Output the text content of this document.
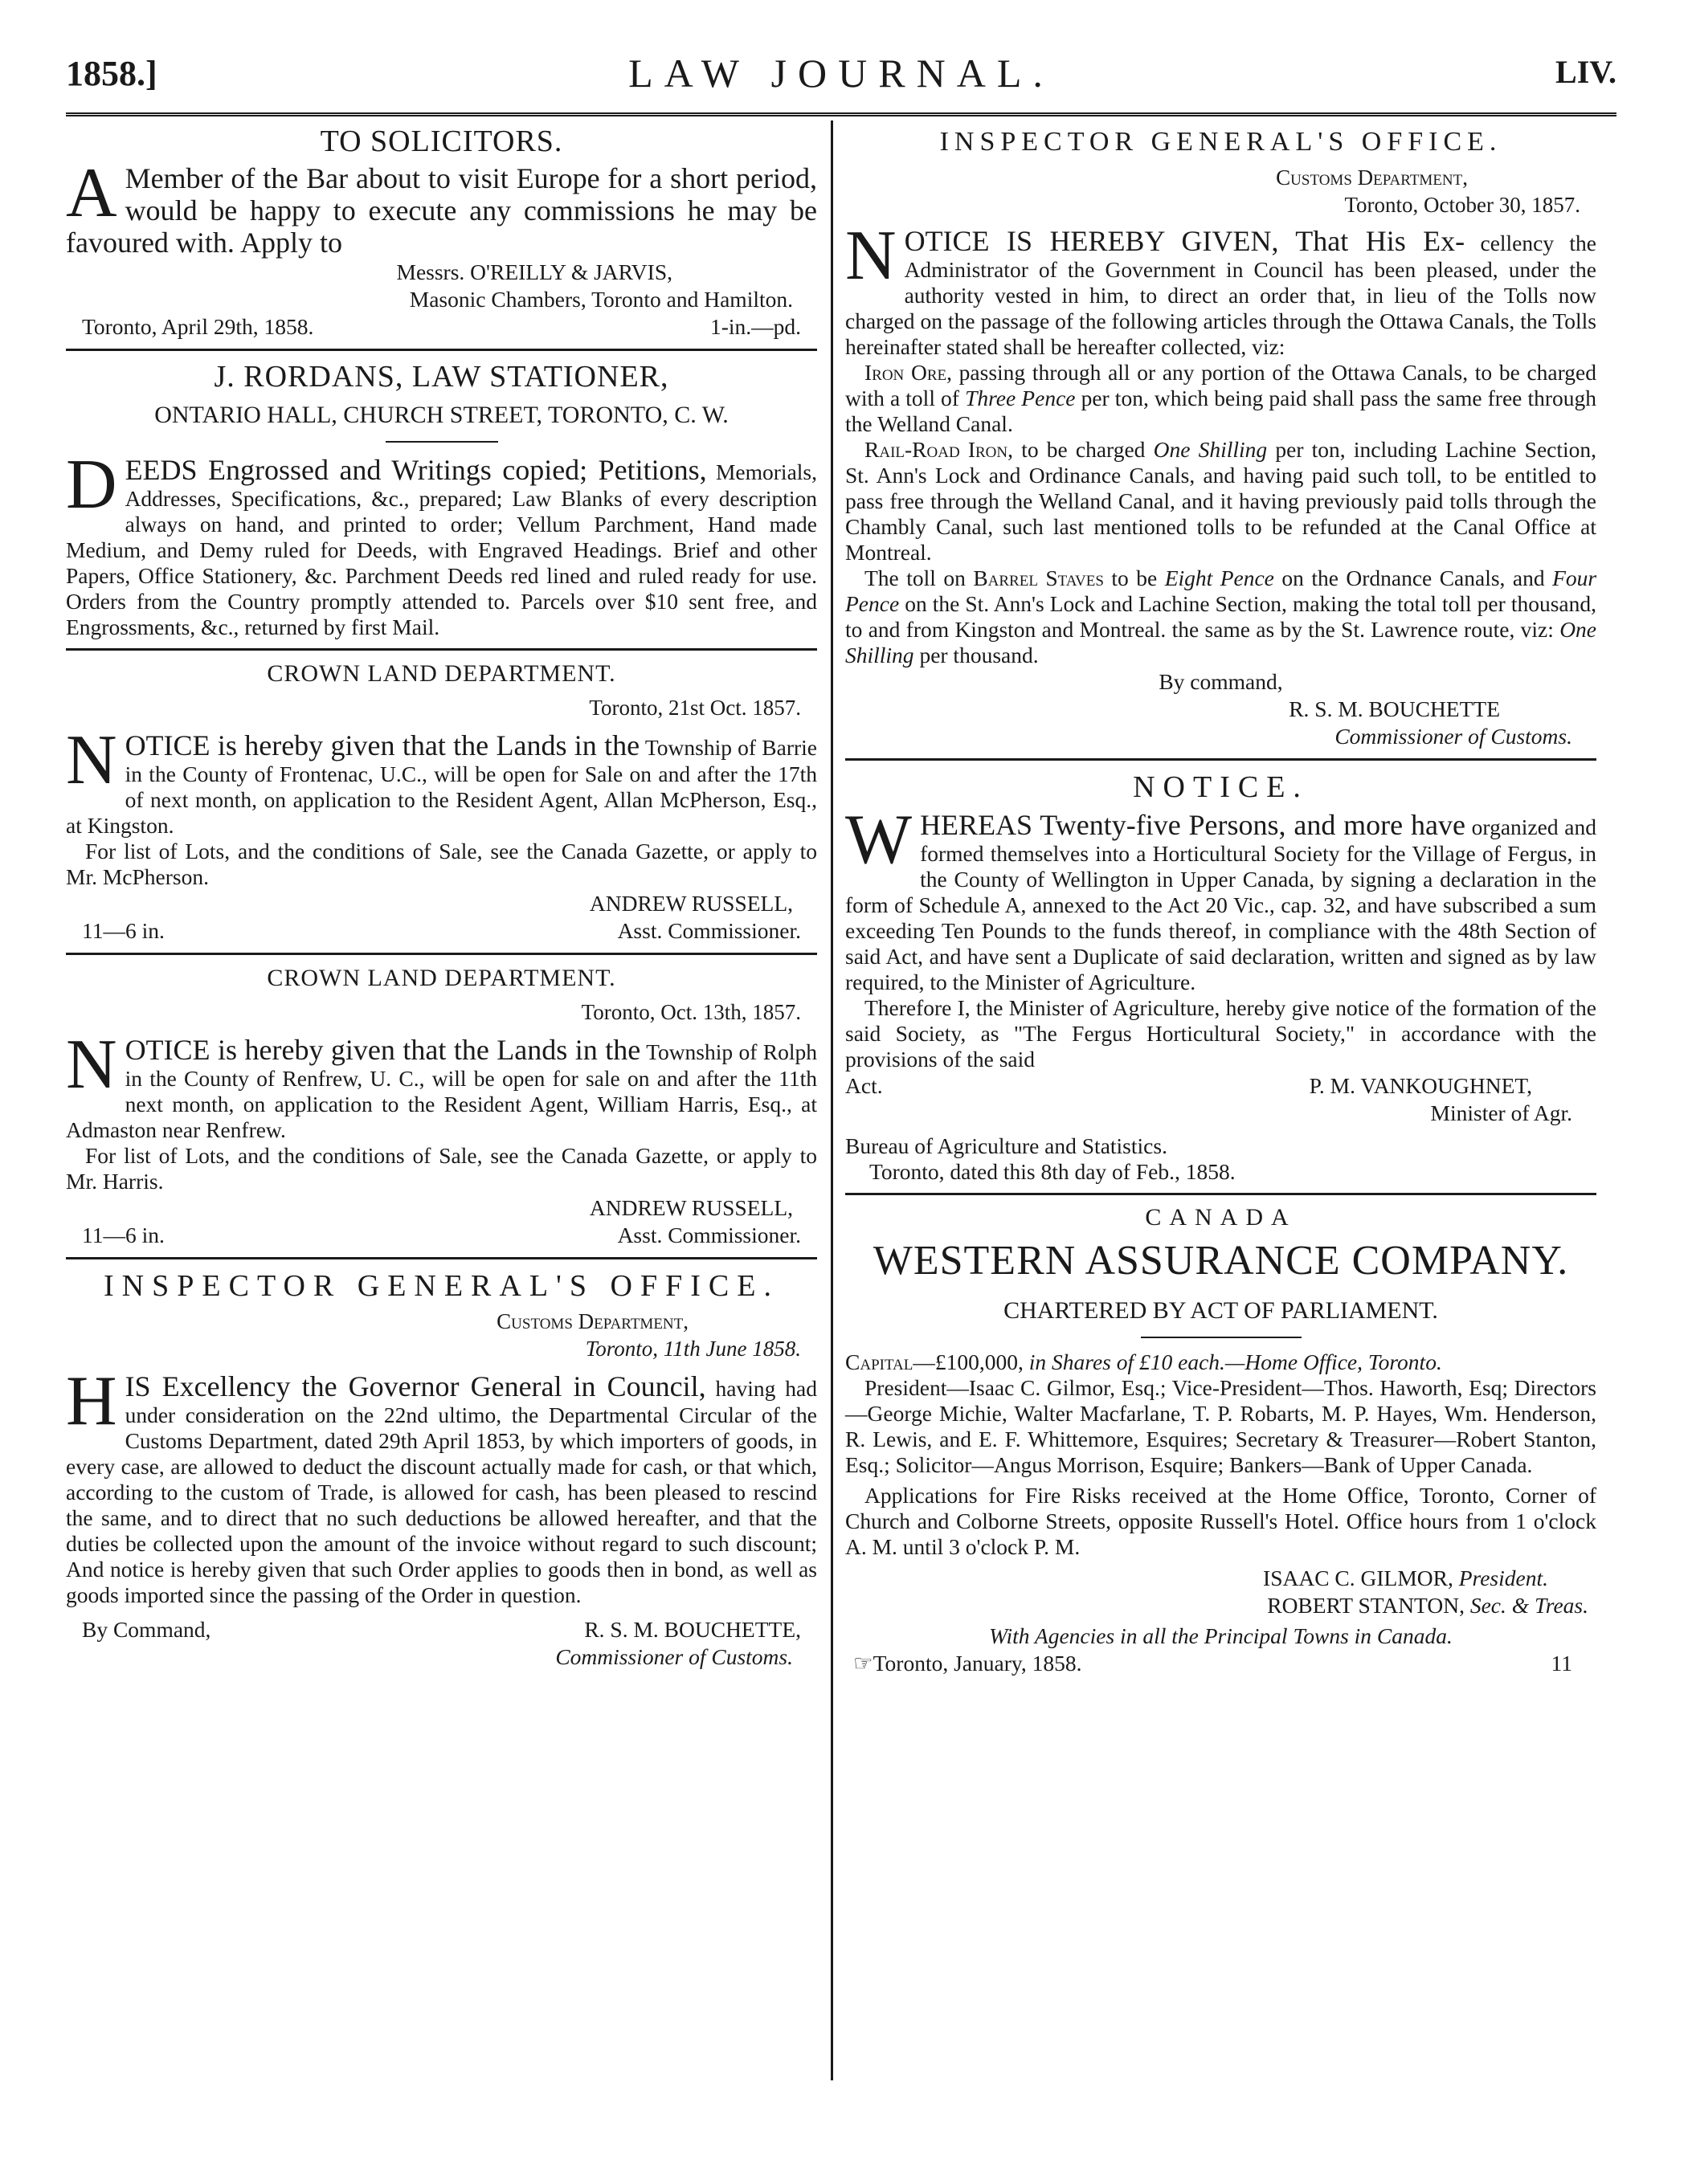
1858.]	LAW JOURNAL.	LIV.
TO SOLICITORS.
A Member of the Bar about to visit Europe for a short period, would be happy to execute any commissions he may be favoured with. Apply to
Messrs. O'REILLY & JARVIS,
Masonic Chambers, Toronto and Hamilton.
Toronto, April 29th, 1858.	1-in.—pd.
J. RORDANS, LAW STATIONER,
ONTARIO HALL, CHURCH STREET, TORONTO, C. W.
DEEDS Engrossed and Writings copied; Petitions, Memorials, Addresses, Specifications, &c., prepared; Law Blanks of every description always on hand, and printed to order; Vellum Parchment, Hand made Medium, and Demy ruled for Deeds, with Engraved Headings. Brief and other Papers, Office Stationery, &c. Parchment Deeds red lined and ruled ready for use. Orders from the Country promptly attended to. Parcels over $10 sent free, and Engrossments, &c., returned by first Mail.
CROWN LAND DEPARTMENT.
Toronto, 21st Oct. 1857.
NOTICE is hereby given that the Lands in the Township of Barrie in the County of Frontenac, U.C., will be open for Sale on and after the 17th of next month, on application to the Resident Agent, Allan McPherson, Esq., at Kingston.

For list of Lots, and the conditions of Sale, see the Canada Gazette, or apply to Mr. McPherson.

ANDREW RUSSELL,
11—6 in.	Asst. Commissioner.
CROWN LAND DEPARTMENT.
Toronto, Oct. 13th, 1857.
NOTICE is hereby given that the Lands in the Township of Rolph in the County of Renfrew, U. C., will be open for sale on and after the 11th next month, on application to the Resident Agent, William Harris, Esq., at Admaston near Renfrew.

For list of Lots, and the conditions of Sale, see the Canada Gazette, or apply to Mr. Harris.

ANDREW RUSSELL,
11—6 in.	Asst. Commissioner.
INSPECTOR GENERAL'S OFFICE.
Customs Department,
Toronto, 11th June 1858.
HIS Excellency the Governor General in Council, having had under consideration on the 22nd ultimo, the Departmental Circular of the Customs Department, dated 29th April 1853, by which importers of goods, in every case, are allowed to deduct the discount actually made for cash, or that which, according to the custom of Trade, is allowed for cash, has been pleased to rescind the same, and to direct that no such deductions be allowed hereafter, and that the duties be collected upon the amount of the invoice without regard to such discount; And notice is hereby given that such Order applies to goods then in bond, as well as goods imported since the passing of the Order in question.
By Command,	R. S. M. BOUCHETTE,
Commissioner of Customs.
INSPECTOR GENERAL'S OFFICE.
Customs Department,
Toronto, October 30, 1857.
NOTICE IS HEREBY GIVEN, That His Ex- cellency the Administrator of the Government in Council has been pleased, under the authority vested in him, to direct an order that, in lieu of the Tolls now charged on the passage of the following articles through the Ottawa Canals, the Tolls hereinafter stated shall be hereafter collected, viz:

Iron Ore, passing through all or any portion of the Ottawa Canals, to be charged with a toll of Three Pence per ton, which being paid shall pass the same free through the Welland Canal.

Rail-Road Iron, to be charged One Shilling per ton, including Lachine Section, St. Ann's Lock and Ordinance Canals, and having paid such toll, to be entitled to pass free through the Welland Canal, and it having previously paid tolls through the Chambly Canal, such last mentioned tolls to be refunded at the Canal Office at Montreal.

The toll on Barrel Staves to be Eight Pence on the Ordnance Canals, and Four Pence on the St. Ann's Lock and Lachine Section, making the total toll per thousand, to and from Kingston and Montreal. the same as by the St. Lawrence route, viz: One Shilling per thousand.

By command,
R. S. M. BOUCHETTE
Commissioner of Customs.
NOTICE.
WHEREAS Twenty-five Persons, and more have organized and formed themselves into a Horticultural Society for the Village of Fergus, in the County of Wellington in Upper Canada, by signing a declaration in the form of Schedule A, annexed to the Act 20 Vic., cap. 32, and have subscribed a sum exceeding Ten Pounds to the funds thereof, in compliance with the 48th Section of said Act, and have sent a Duplicate of said declaration, written and signed as by law required, to the Minister of Agriculture.

Therefore I, the Minister of Agriculture, hereby give notice of the formation of the said Society, as "The Fergus Horticultural Society," in accordance with the provisions of the said

Act.	P. M. VANKOUGHNET,
Minister of Agr.
Bureau of Agriculture and Statistics.
Toronto, dated this 8th day of Feb., 1858.
CANADA
WESTERN ASSURANCE COMPANY.
CHARTERED BY ACT OF PARLIAMENT.
Capital—£100,000, in Shares of £10 each.—Home Office, Toronto.

President—Isaac C. Gilmor, Esq.; Vice-President—Thos. Haworth, Esq; Directors—George Michie, Walter Macfarlane, T. P. Robarts, M. P. Hayes, Wm. Henderson, R. Lewis, and E. F. Whittemore, Esquires; Secretary & Treasurer—Robert Stanton, Esq.; Solicitor—Angus Morrison, Esquire; Bankers—Bank of Upper Canada.

Applications for Fire Risks received at the Home Office, Toronto, Corner of Church and Colborne Streets, opposite Russell's Hotel. Office hours from 1 o'clock A. M. until 3 o'clock P. M.

ISAAC C. GILMOR, President.
ROBERT STANTON, Sec. & Treas.
With Agencies in all the Principal Towns in Canada.
☞Toronto, January, 1858.	11
